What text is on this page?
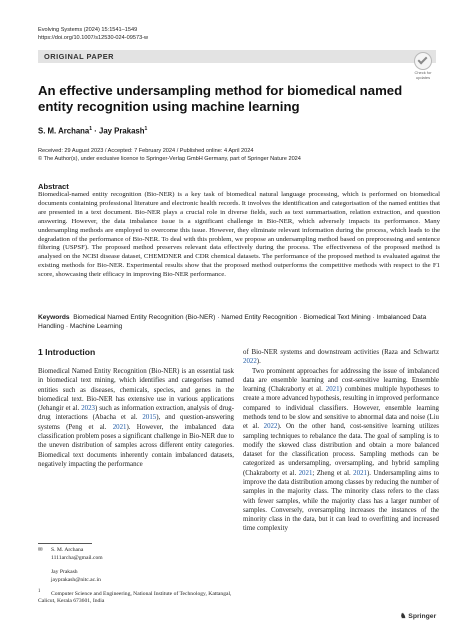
Evolving Systems (2024) 15:1541–1549
https://doi.org/10.1007/s12530-024-09573-w
ORIGINAL PAPER
Check for updates
An effective undersampling method for biomedical named entity recognition using machine learning
S. M. Archana$^1$ · Jay Prakash$^1$
Received: 29 August 2023 / Accepted: 7 February 2024 / Published online: 4 April 2024
© The Author(s), under exclusive licence to Springer-Verlag GmbH Germany, part of Springer Nature 2024
Abstract
Biomedical-named entity recognition (Bio-NER) is a key task of biomedical natural language processing, which is performed on biomedical documents containing professional literature and electronic health records. It involves the identification and categorisation of the named entities that are presented in a text document. Bio-NER plays a crucial role in diverse fields, such as text summarisation, relation extraction, and question answering. However, the data imbalance issue is a significant challenge in Bio-NER, which adversely impacts its performance. Many undersampling methods are employed to overcome this issue. However, they eliminate relevant information during the process, which leads to the degradation of the performance of Bio-NER. To deal with this problem, we propose an undersampling method based on preprocessing and sentence filtering (USPSF). The proposed method preserves relevant data effectively during the process. The effectiveness of the proposed method is analysed on the NCBI disease dataset, CHEMDNER and CDR chemical datasets. The performance of the proposed method is evaluated against the existing methods for Bio-NER. Experimental results show that the proposed method outperforms the competitive methods with respect to the F1 score, showcasing their efficacy in improving Bio-NER performance.
Keywords Biomedical Named Entity Recognition (Bio-NER) · Named Entity Recognition · Biomedical Text Mining · Imbalanced Data Handling · Machine Learning
1 Introduction

Biomedical Named Entity Recognition (Bio-NER) is an essential task in biomedical text mining, which identifies and categorises named entities such as diseases, chemicals, species, and genes in the biomedical text. Bio-NER has extensive use in various applications (Jehangir et al. 2023) such as information extraction, analysis of drug-drug interactions (Abacha et al. 2015), and question-answering systems (Peng et al. 2021). However, the imbalanced data classification problem poses a significant challenge in Bio-NER due to the uneven distribution of samples across different entity categories. Biomedical text documents inherently contain imbalanced datasets, negatively impacting the performance

of Bio-NER systems and downstream activities (Raza and Schwartz 2022).

Two prominent approaches for addressing the issue of imbalanced data are ensemble learning and cost-sensitive learning. Ensemble learning (Chakraborty et al. 2021) combines multiple hypotheses to create a more advanced hypothesis, resulting in improved performance compared to individual classifiers. However, ensemble learning methods tend to be slow and sensitive to abnormal data and noise (Liu et al. 2022). On the other hand, cost-sensitive learning utilizes sampling techniques to rebalance the data. The goal of sampling is to modify the skewed class distribution and obtain a more balanced dataset for the classification process. Sampling methods can be categorized as undersampling, oversampling, and hybrid sampling (Chakraborty et al. 2021; Zheng et al. 2021). Undersampling aims to improve the data distribution among classes by reducing the number of samples in the majority class. The minority class refers to the class with fewer samples, while the majority class has a larger number of samples. Conversely, oversampling increases the instances of the minority class in the data, but it can lead to overfitting and increased time complexity

✉ S. M. Archana
1111archa@gmail.com
Jay Prakash
jayprakash@nitc.ac.in
$^1$ Computer Science and Engineering, National Institute of Technology, Kattangal, Calicut, Kerala 673601, India
♞ Springer
